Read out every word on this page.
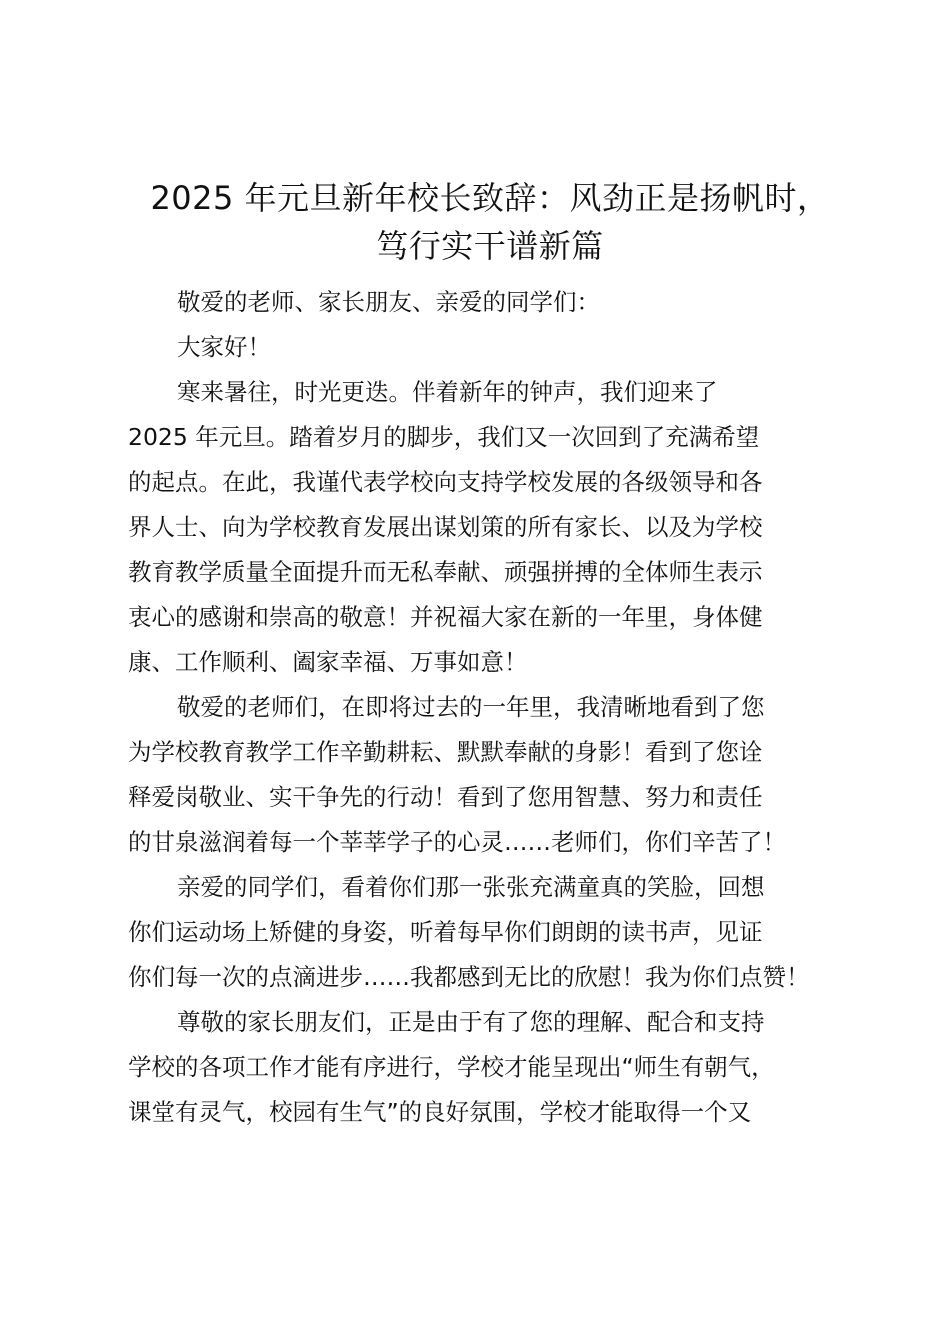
2025 年元旦新年校长致辞：风劲正是扬帆时，
笃行实干谱新篇
敬爱的老师、家长朋友、亲爱的同学们：
大家好！
寒来暑往，时光更迭。伴着新年的钟声，我们迎来了
2025 年元旦。踏着岁月的脚步，我们又一次回到了充满希望
的起点。在此，我谨代表学校向支持学校发展的各级领导和各
界人士、向为学校教育发展出谋划策的所有家长、以及为学校
教育教学质量全面提升而无私奉献、顽强拼搏的全体师生表示
衷心的感谢和崇高的敬意！并祝福大家在新的一年里，身体健
康、工作顺利、阖家幸福、万事如意！
敬爱的老师们，在即将过去的一年里，我清晰地看到了您
为学校教育教学工作辛勤耕耘、默默奉献的身影！看到了您诠
释爱岗敬业、实干争先的行动！看到了您用智慧、努力和责任
的甘泉滋润着每一个莘莘学子的心灵……老师们，你们辛苦了！
亲爱的同学们，看着你们那一张张充满童真的笑脸，回想
你们运动场上矫健的身姿，听着每早你们朗朗的读书声，见证
你们每一次的点滴进步……我都感到无比的欣慰！我为你们点赞！
尊敬的家长朋友们，正是由于有了您的理解、配合和支持
学校的各项工作才能有序进行，学校才能呈现出“师生有朝气，
课堂有灵气，校园有生气”的良好氛围，学校才能取得一个又
